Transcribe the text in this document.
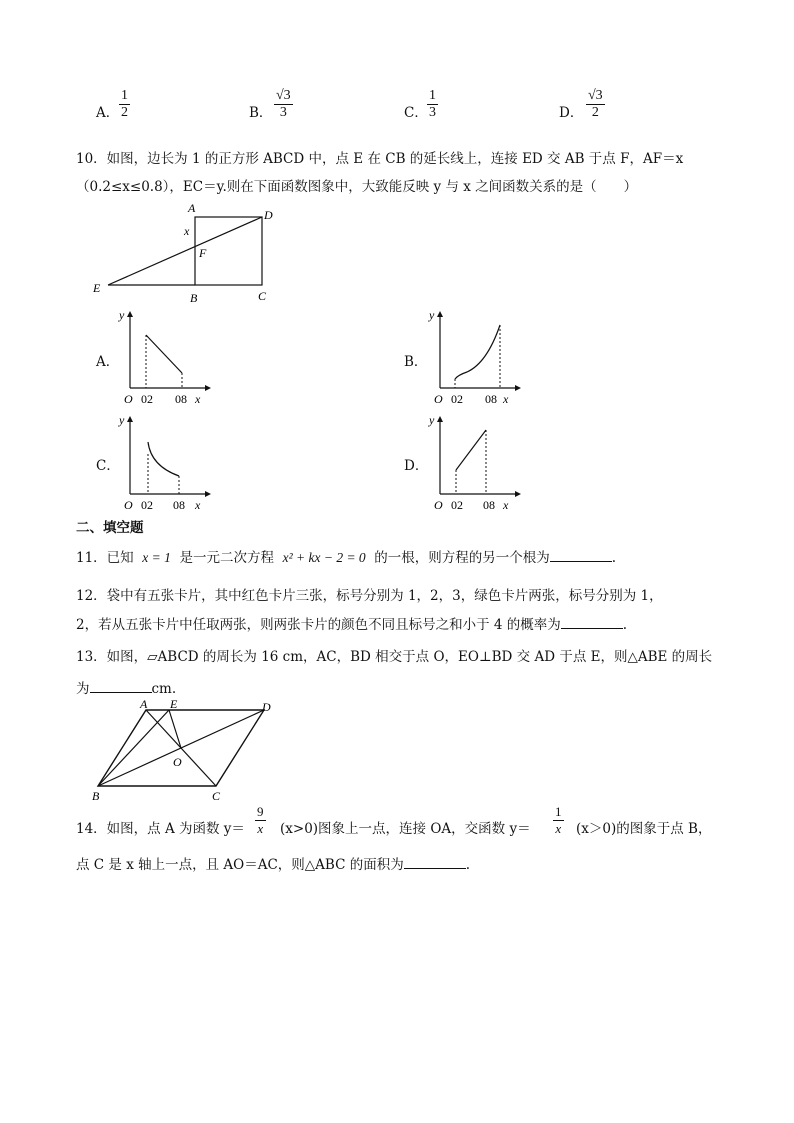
A． $\frac{1}{2}$	B． $\frac{√3}{3}$	C． $\frac{1}{3}$	D． $\frac{√3}{2}$
10．如图，边长为 1 的正方形 ABCD 中，点 E 在 CB 的延长线上，连接 ED 交 AB 于点 F，AF＝x
（0.2≤x≤0.8），EC＝y.则在下面函数图象中，大致能反映 y 与 x 之间函数关系的是（　　）
A	D
x
F
E
B	C
A．
y
O 02 08 x
B．
y
O 02 08 x
C．
y
O 02 08 x
D．
y
O 02 08 x
二、填空题
11．已知 x = 1 是一元二次方程 x² + kx − 2 = 0 的一根，则方程的另一个根为	.
12．袋中有五张卡片，其中红色卡片三张，标号分别为 1，2，3，绿色卡片两张，标号分别为 1，
2，若从五张卡片中任取两张，则两张卡片的颜色不同且标号之和小于 4 的概率为	.
13．如图，▱ABCD 的周长为 16 cm，AC，BD 相交于点 O，EO⊥BD 交 AD 于点 E，则△ABE 的周长
为	cm.
A E	D
O
B	C
14．如图，点 A 为函数 $y= \frac{9}{x} (x>0)$图象上一点，连接 OA，交函数 $y= \frac{1}{x} (x>0)$的图象于点 B，
点 C 是 x 轴上一点，且 AO＝AC，则△ABC 的面积为	.
